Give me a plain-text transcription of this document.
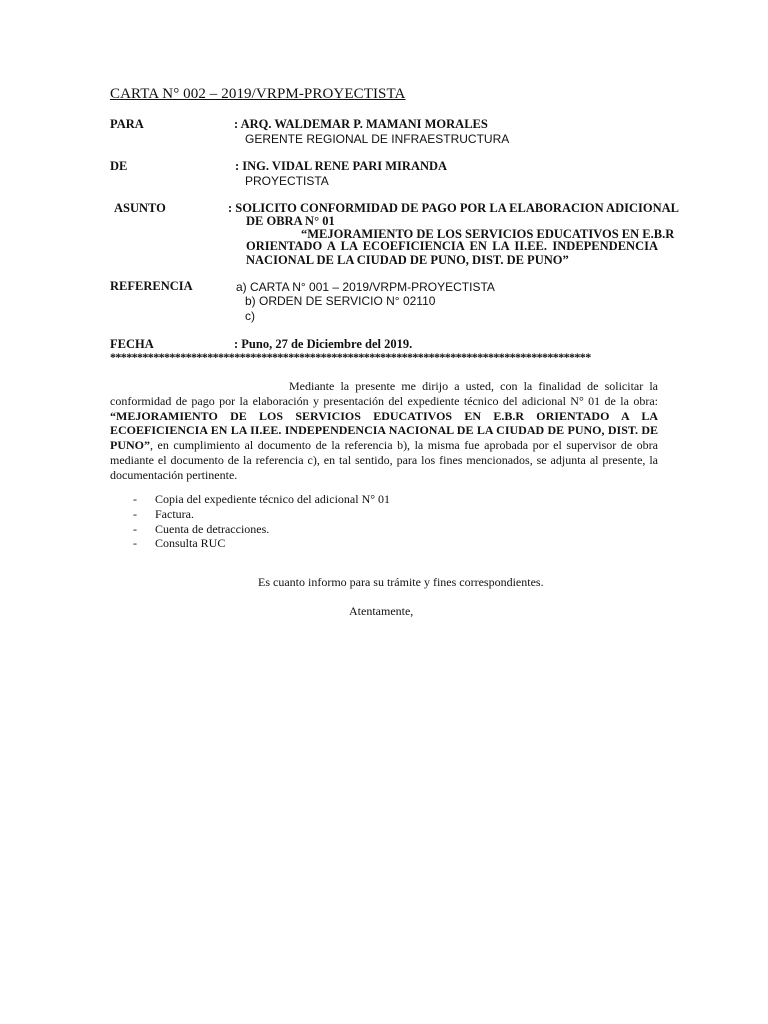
CARTA N° 002 – 2019/VRPM-PROYECTISTA
PARA	: ARQ. WALDEMAR P. MAMANI MORALES
GERENTE REGIONAL DE INFRAESTRUCTURA
DE	: ING. VIDAL RENE PARI MIRANDA
PROYECTISTA
ASUNTO	: SOLICITO CONFORMIDAD DE PAGO POR LA ELABORACION ADICIONAL
DE OBRA N° 01
“MEJORAMIENTO DE LOS SERVICIOS EDUCATIVOS EN E.B.R
ORIENTADO A LA ECOEFICIENCIA EN LA II.EE. INDEPENDENCIA
NACIONAL DE LA CIUDAD DE PUNO, DIST. DE PUNO”
REFERENCIA	a) CARTA N° 001 – 2019/VRPM-PROYECTISTA
b) ORDEN DE SERVICIO N° 02110
c)
FECHA	: Puno, 27 de Diciembre del 2019.
*****************************************************************************************
Mediante la presente me dirijo a usted, con la finalidad de solicitar la conformidad de pago por la elaboración y presentación del expediente técnico del adicional N° 01 de la obra: “MEJORAMIENTO DE LOS SERVICIOS EDUCATIVOS EN E.B.R ORIENTADO A LA ECOEFICIENCIA EN LA II.EE. INDEPENDENCIA NACIONAL DE LA CIUDAD DE PUNO, DIST. DE PUNO”, en cumplimiento al documento de la referencia b), la misma fue aprobada por el supervisor de obra mediante el documento de la referencia c), en tal sentido, para los fines mencionados, se adjunta al presente, la documentación pertinente.
- Copia del expediente técnico del adicional N° 01
- Factura.
- Cuenta de detracciones.
- Consulta RUC
Es cuanto informo para su trámite y fines correspondientes.
Atentamente,
